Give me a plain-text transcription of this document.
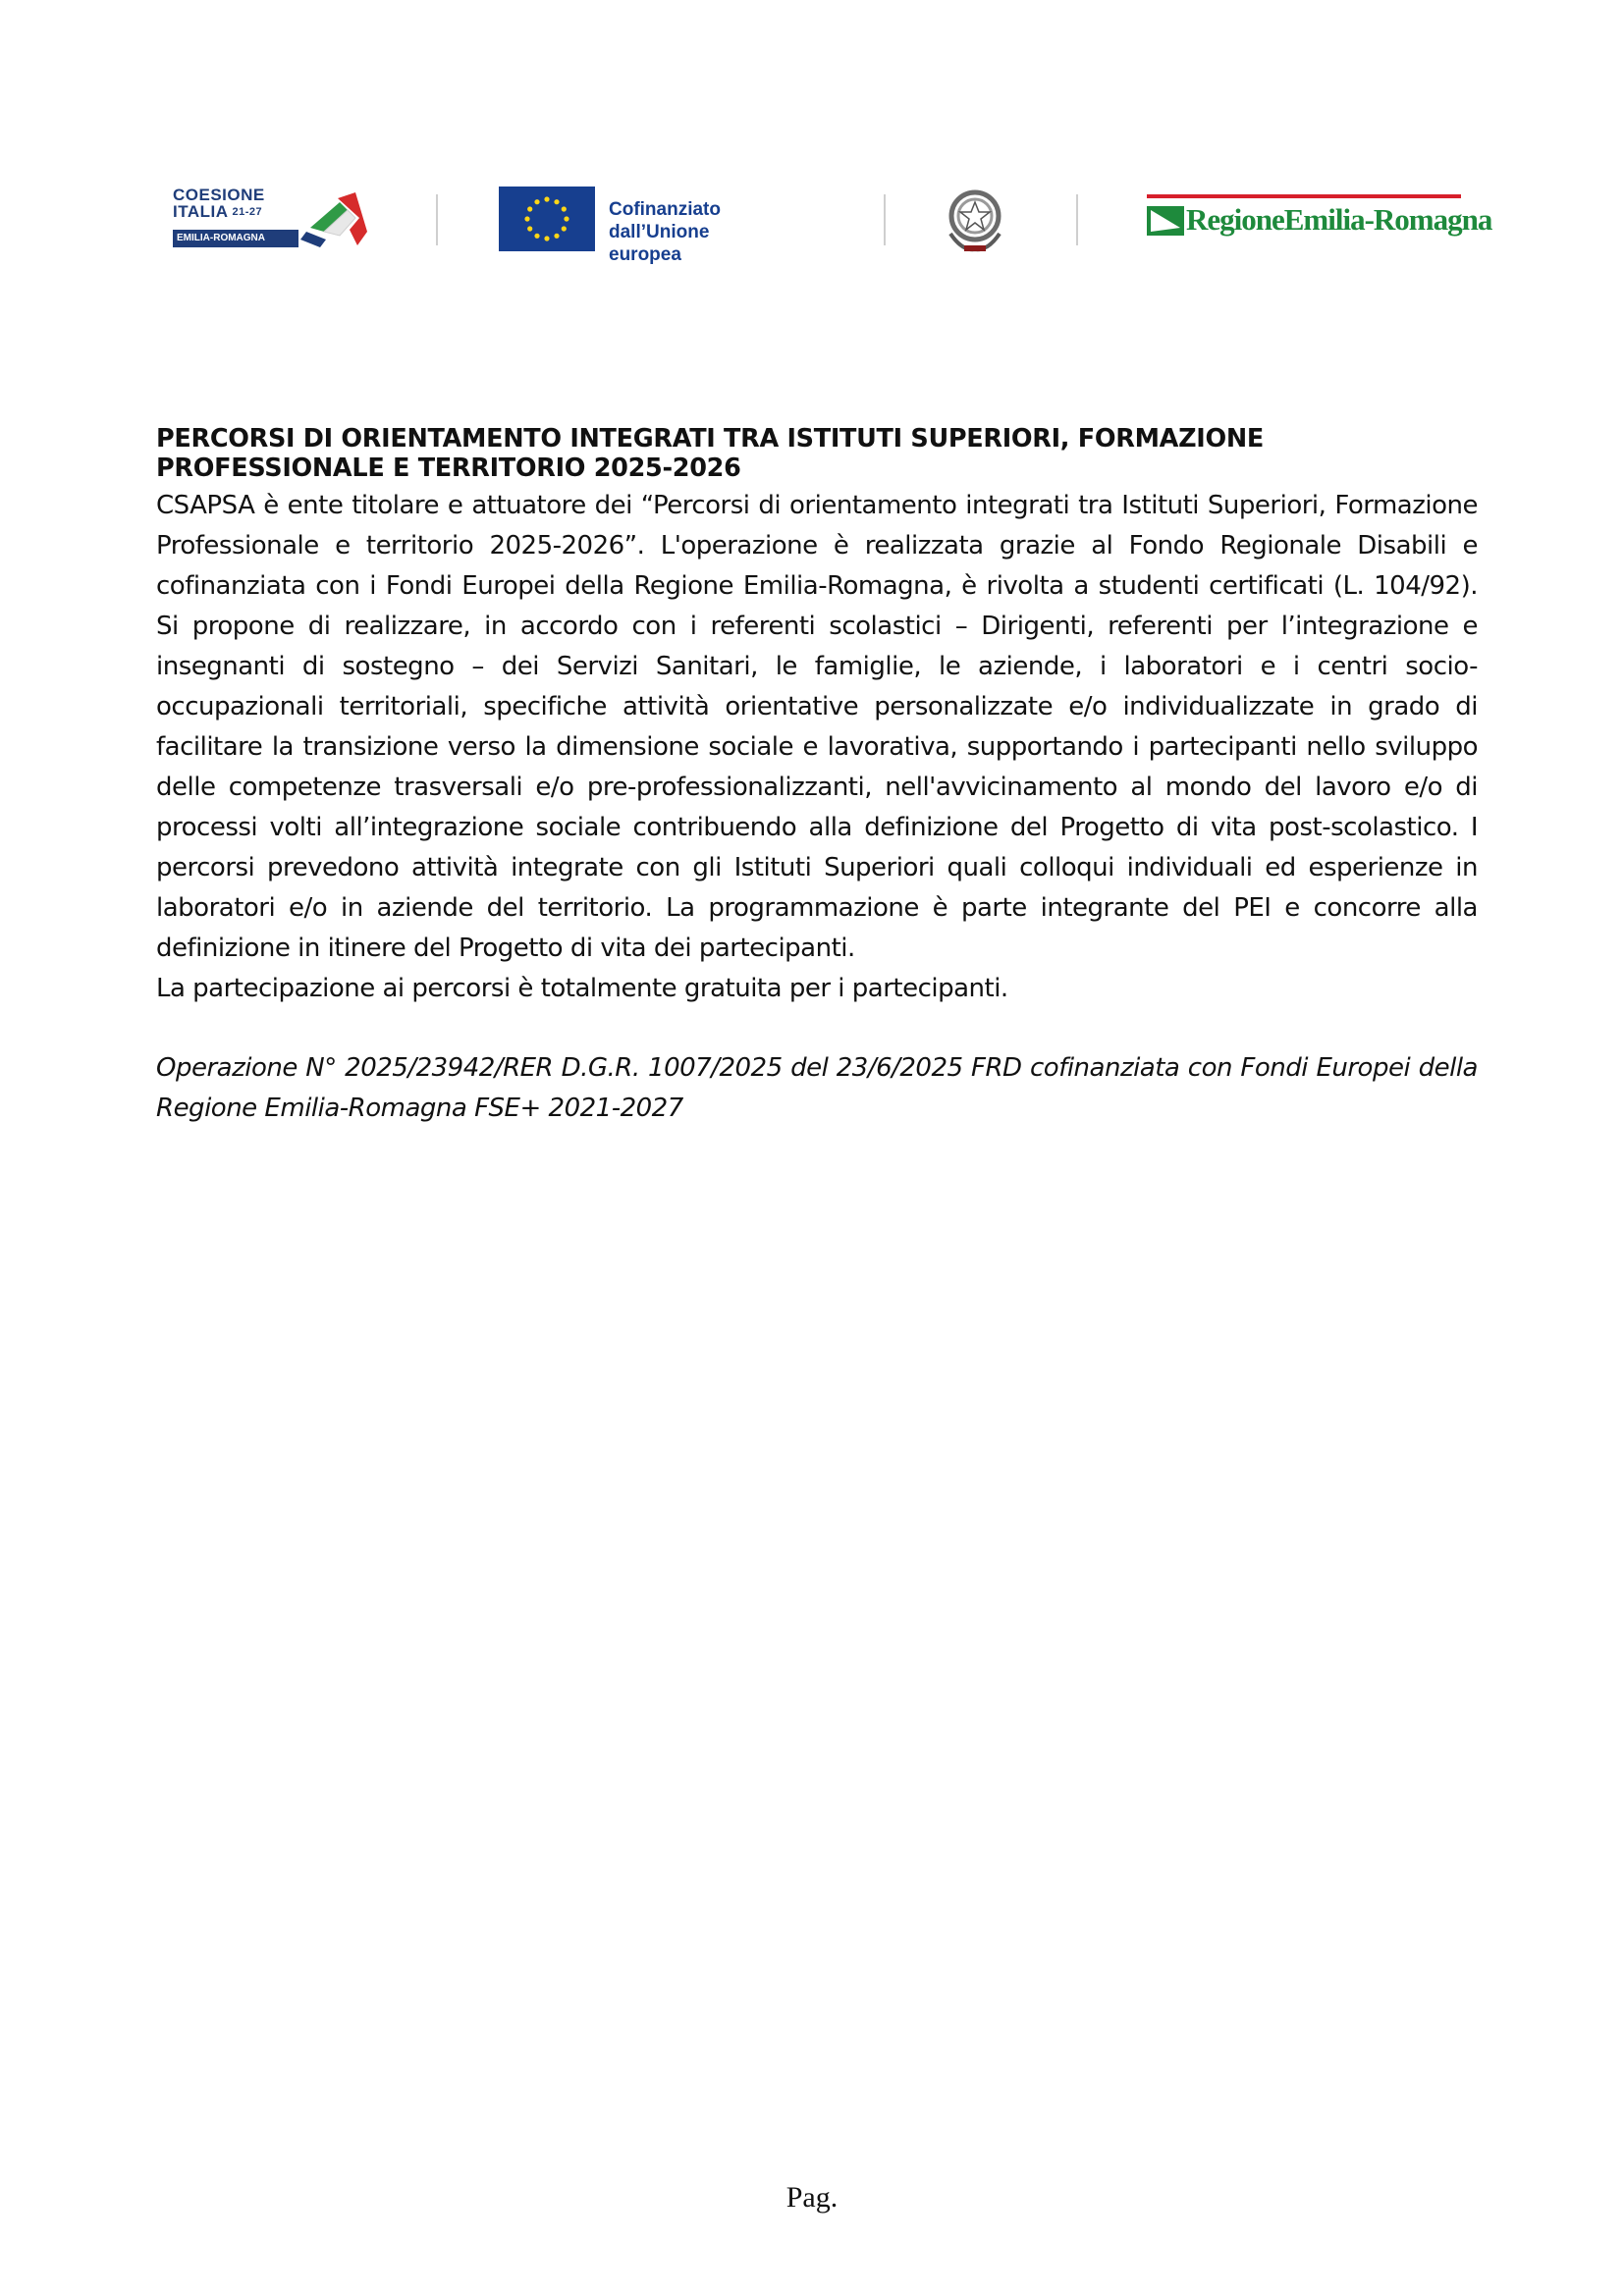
COESIONE
ITALIA $^{21-27}$
EMILIA-ROMAGNA
Cofinanziato
dall’Unione europea
RegioneEmilia-Romagna

PERCORSI DI ORIENTAMENTO INTEGRATI TRA ISTITUTI SUPERIORI, FORMAZIONE PROFESSIONALE E TERRITORIO 2025-2026

CSAPSA è ente titolare e attuatore dei “Percorsi di orientamento integrati tra Istituti Superiori, Formazione Professionale e territorio 2025-2026”. L'operazione è realizzata grazie al Fondo Regionale Disabili e cofinanziata con i Fondi Europei della Regione Emilia-Romagna, è rivolta a studenti certificati (L. 104/92). Si propone di realizzare, in accordo con i referenti scolastici – Dirigenti, referenti per l’integrazione e insegnanti di sostegno – dei Servizi Sanitari, le famiglie, le aziende, i laboratori e i centri socio-occupazionali territoriali, specifiche attività orientative personalizzate e/o individualizzate in grado di facilitare la transizione verso la dimensione sociale e lavorativa, supportando i partecipanti nello sviluppo delle competenze trasversali e/o pre-professionalizzanti, nell'avvicinamento al mondo del lavoro e/o di processi volti all’integrazione sociale contribuendo alla definizione del Progetto di vita post-scolastico. I percorsi prevedono attività integrate con gli Istituti Superiori quali colloqui individuali ed esperienze in laboratori e/o in aziende del territorio. La programmazione è parte integrante del PEI e concorre alla definizione in itinere del Progetto di vita dei partecipanti.

La partecipazione ai percorsi è totalmente gratuita per i partecipanti.

Operazione N° 2025/23942/RER D.G.R. 1007/2025 del 23/6/2025 FRD cofinanziata con Fondi Europei della Regione Emilia-Romagna FSE+ 2021-2027

Pag.
